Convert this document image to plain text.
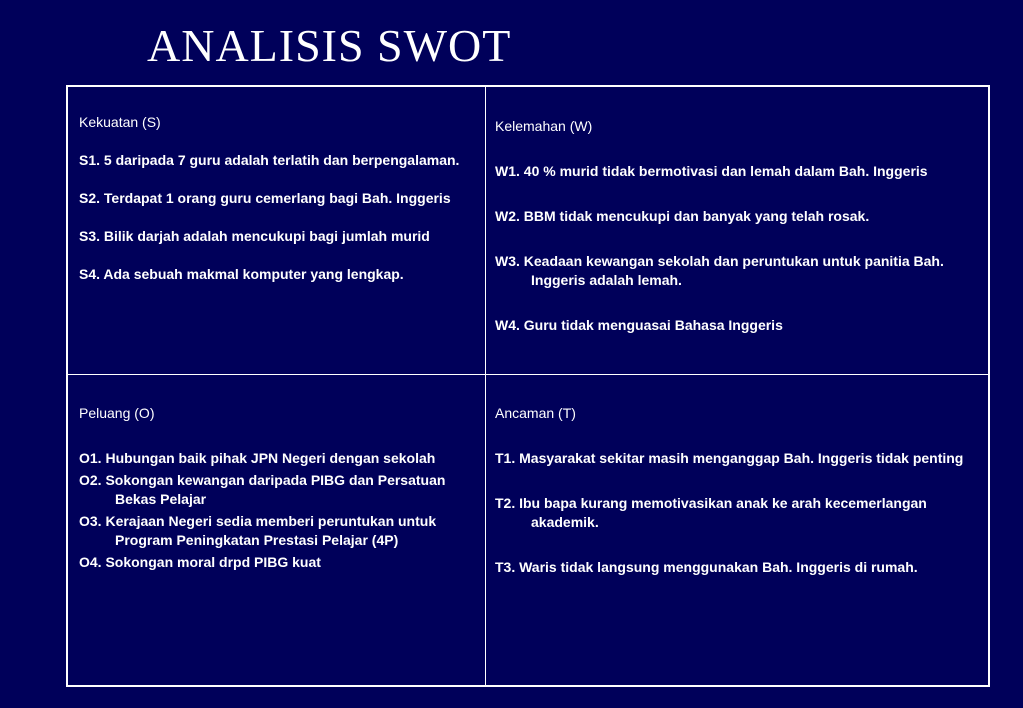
ANALISIS SWOT

Kekuatan (S)

S1. 5 daripada 7 guru adalah terlatih dan berpengalaman.

S2. Terdapat 1 orang guru cemerlang bagi Bah. Inggeris

S3. Bilik darjah adalah mencukupi bagi jumlah murid

S4. Ada sebuah makmal komputer yang lengkap.

Kelemahan (W)

W1. 40 % murid tidak bermotivasi dan lemah dalam Bah. Inggeris

W2. BBM tidak mencukupi dan banyak yang telah rosak.

W3. Keadaan kewangan sekolah dan peruntukan untuk panitia Bah. Inggeris adalah lemah.

W4. Guru tidak menguasai Bahasa Inggeris

Peluang (O)

O1. Hubungan baik pihak JPN Negeri dengan sekolah

O2. Sokongan kewangan daripada PIBG dan Persatuan Bekas Pelajar

O3. Kerajaan Negeri sedia memberi peruntukan untuk Program Peningkatan Prestasi Pelajar (4P)

O4. Sokongan moral drpd PIBG kuat

Ancaman (T)

T1. Masyarakat sekitar masih menganggap Bah. Inggeris tidak penting

T2. Ibu bapa kurang memotivasikan anak ke arah kecemerlangan akademik.

T3. Waris tidak langsung menggunakan Bah. Inggeris di rumah.
